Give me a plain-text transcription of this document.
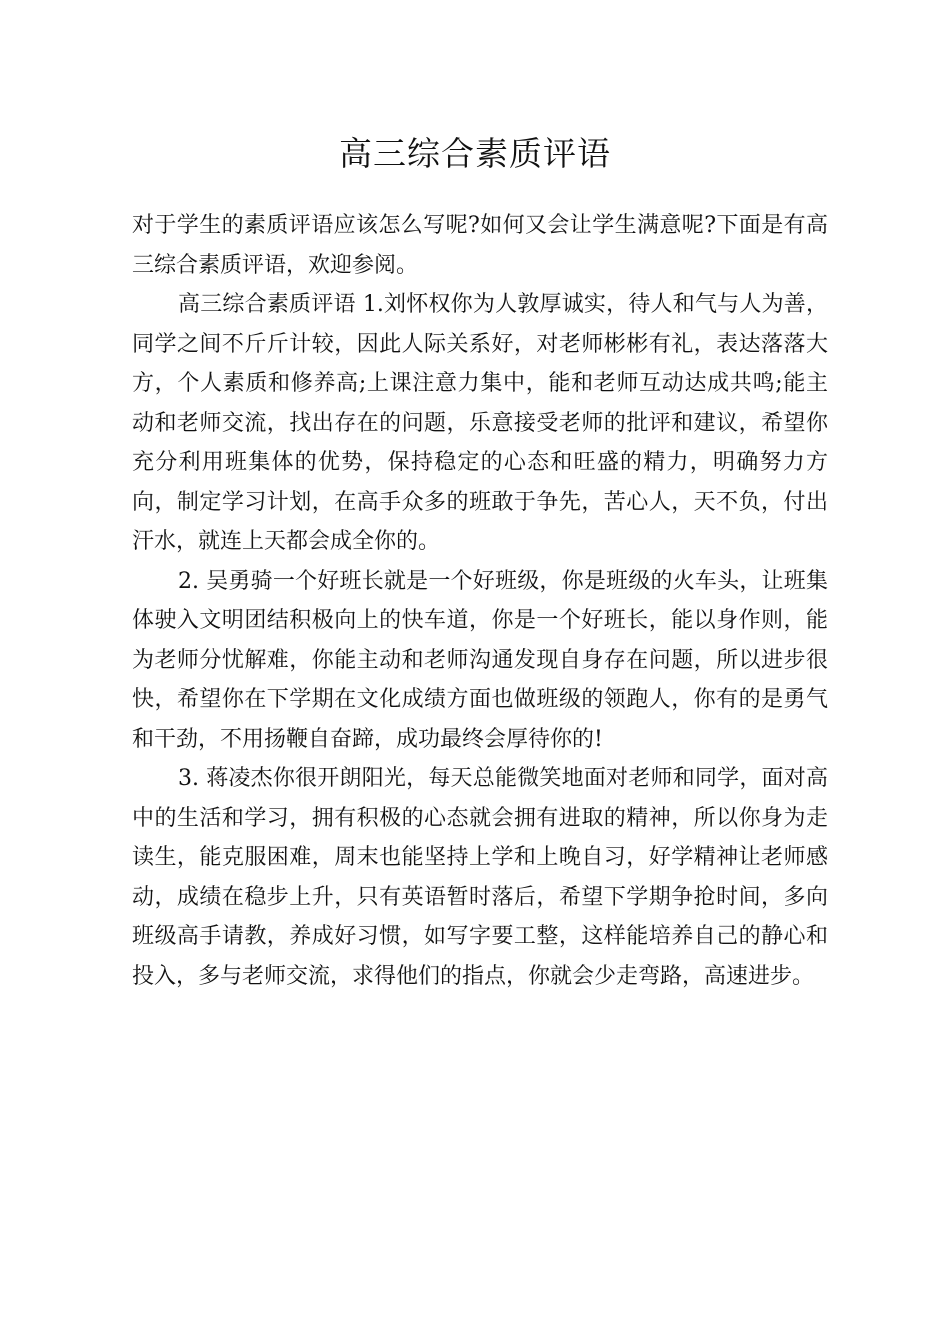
高三综合素质评语

对于学生的素质评语应该怎么写呢?如何又会让学生满意呢?下面是有高三综合素质评语，欢迎参阅。

高三综合素质评语 1.刘怀权你为人敦厚诚实，待人和气与人为善，同学之间不斤斤计较，因此人际关系好，对老师彬彬有礼，表达落落大方，个人素质和修养高;上课注意力集中，能和老师互动达成共鸣;能主动和老师交流，找出存在的问题，乐意接受老师的批评和建议，希望你充分利用班集体的优势，保持稳定的心态和旺盛的精力，明确努力方向，制定学习计划，在高手众多的班敢于争先，苦心人，天不负，付出汗水，就连上天都会成全你的。

2. 吴勇骑一个好班长就是一个好班级，你是班级的火车头，让班集体驶入文明团结积极向上的快车道，你是一个好班长，能以身作则，能为老师分忧解难，你能主动和老师沟通发现自身存在问题，所以进步很快，希望你在下学期在文化成绩方面也做班级的领跑人，你有的是勇气和干劲，不用扬鞭自奋蹄，成功最终会厚待你的!

3. 蒋凌杰你很开朗阳光，每天总能微笑地面对老师和同学，面对高中的生活和学习，拥有积极的心态就会拥有进取的精神，所以你身为走读生，能克服困难，周末也能坚持上学和上晚自习，好学精神让老师感动，成绩在稳步上升，只有英语暂时落后，希望下学期争抢时间，多向班级高手请教，养成好习惯，如写字要工整，这样能培养自己的静心和投入，多与老师交流，求得他们的指点，你就会少走弯路，高速进步。
